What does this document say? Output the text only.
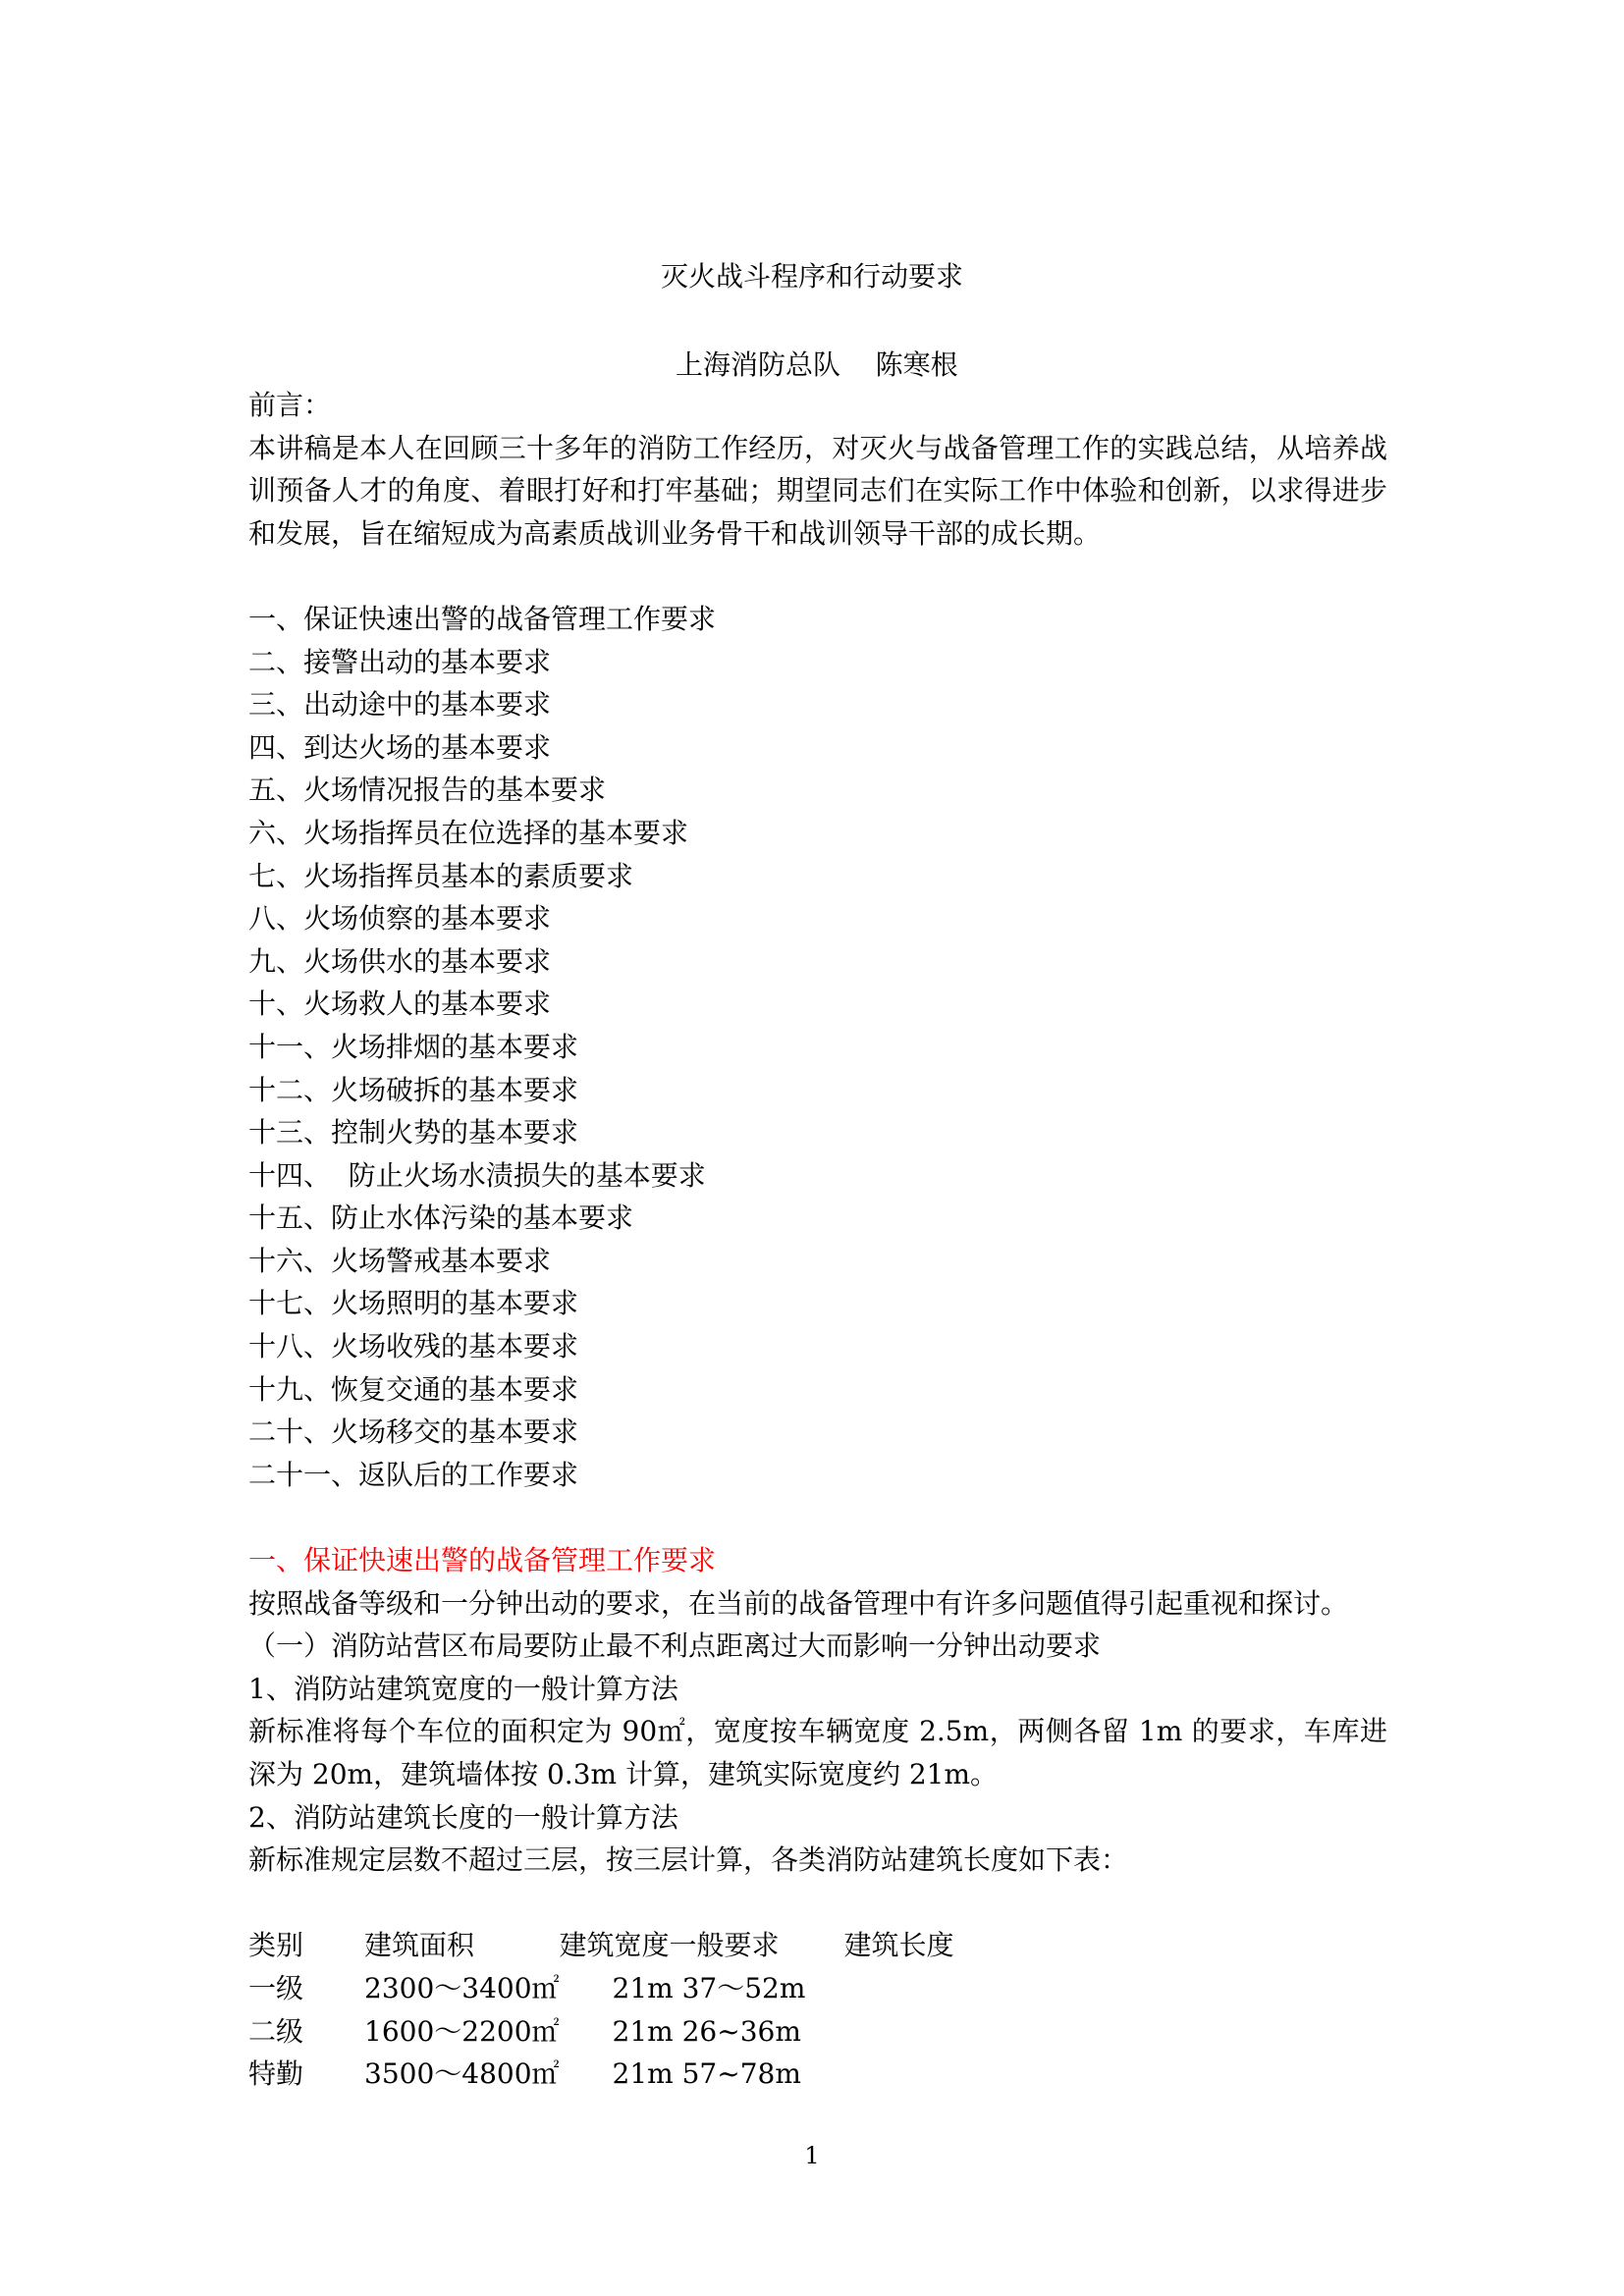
灭火战斗程序和行动要求
上海消防总队    陈寒根
前言：
本讲稿是本人在回顾三十多年的消防工作经历，对灭火与战备管理工作的实践总结，从培养战训预备人才的角度、着眼打好和打牢基础；期望同志们在实际工作中体验和创新，以求得进步和发展，旨在缩短成为高素质战训业务骨干和战训领导干部的成长期。
一、保证快速出警的战备管理工作要求
二、接警出动的基本要求
三、出动途中的基本要求
四、到达火场的基本要求
五、火场情况报告的基本要求
六、火场指挥员在位选择的基本要求
七、火场指挥员基本的素质要求
八、火场侦察的基本要求
九、火场供水的基本要求
十、火场救人的基本要求
十一、火场排烟的基本要求
十二、火场破拆的基本要求
十三、控制火势的基本要求
十四、  防止火场水渍损失的基本要求
十五、防止水体污染的基本要求
十六、火场警戒基本要求
十七、火场照明的基本要求
十八、火场收残的基本要求
十九、恢复交通的基本要求
二十、火场移交的基本要求
二十一、返队后的工作要求
一、保证快速出警的战备管理工作要求
按照战备等级和一分钟出动的要求，在当前的战备管理中有许多问题值得引起重视和探讨。
（一）消防站营区布局要防止最不利点距离过大而影响一分钟出动要求
1、消防站建筑宽度的一般计算方法
新标准将每个车位的面积定为 90㎡，宽度按车辆宽度 2.5m，两侧各留 1m 的要求，车库进深为 20m，建筑墙体按 0.3m 计算，建筑实际宽度约 21m。
2、消防站建筑长度的一般计算方法
新标准规定层数不超过三层，按三层计算，各类消防站建筑长度如下表：
类别	建筑面积	建筑宽度一般要求	建筑长度
一级	2300～3400㎡	21m 37～52m	
二级	1600～2200㎡	21m 26~36m	
特勤	3500～4800㎡	21m 57~78m	
1
